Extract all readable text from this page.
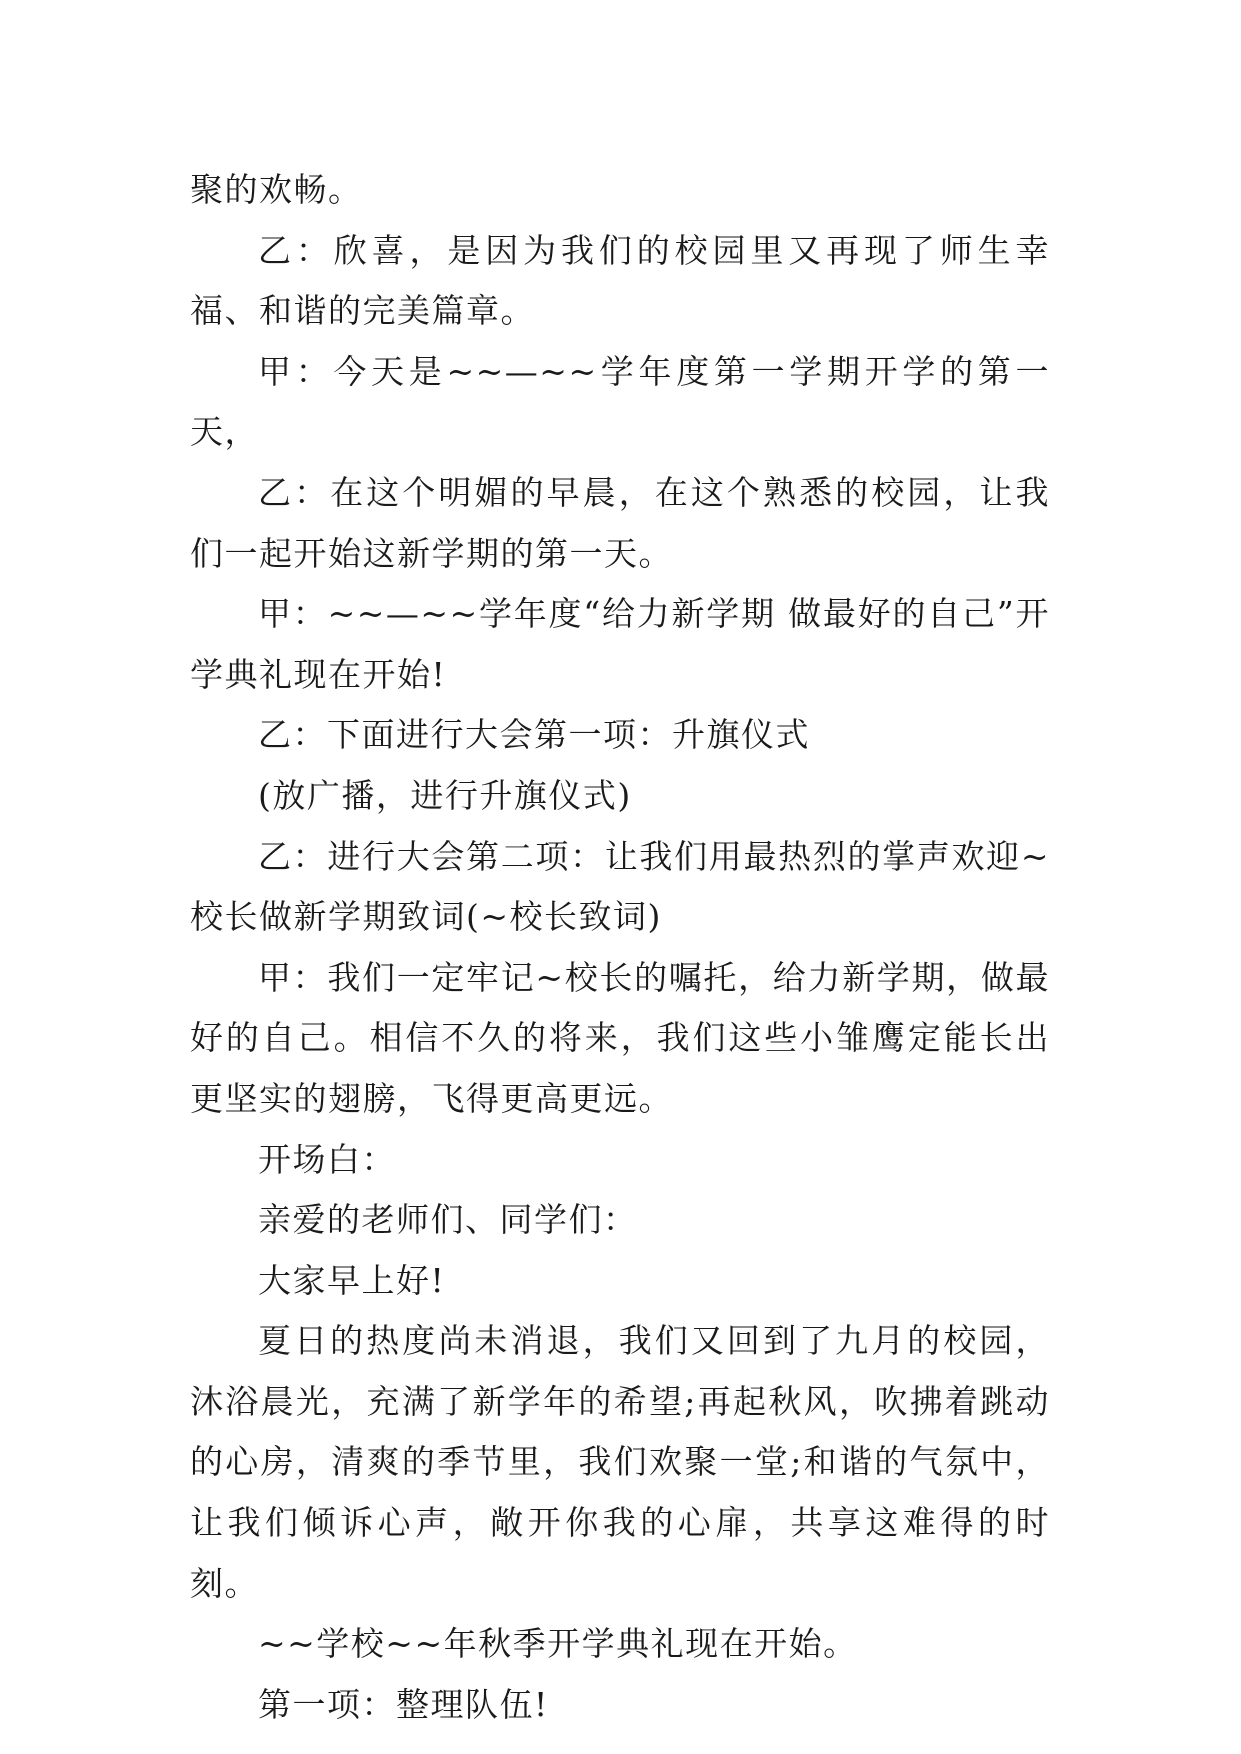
聚的欢畅。

乙：欣喜，是因为我们的校园里又再现了师生幸福、和谐的完美篇章。

甲：今天是~~—~~学年度第一学期开学的第一天，

乙：在这个明媚的早晨，在这个熟悉的校园，让我们一起开始这新学期的第一天。

甲：~~—~~学年度“给力新学期 做最好的自己”开学典礼现在开始!

乙：下面进行大会第一项：升旗仪式

(放广播，进行升旗仪式)

乙：进行大会第二项：让我们用最热烈的掌声欢迎~校长做新学期致词(~校长致词)

甲：我们一定牢记~校长的嘱托，给力新学期，做最好的自己。相信不久的将来，我们这些小雏鹰定能长出更坚实的翅膀，飞得更高更远。

开场白：

亲爱的老师们、同学们：

大家早上好!

夏日的热度尚未消退，我们又回到了九月的校园，沐浴晨光，充满了新学年的希望;再起秋风，吹拂着跳动的心房，清爽的季节里，我们欢聚一堂;和谐的气氛中，让我们倾诉心声，敞开你我的心扉，共享这难得的时刻。

~~学校~~年秋季开学典礼现在开始。

第一项：整理队伍!
